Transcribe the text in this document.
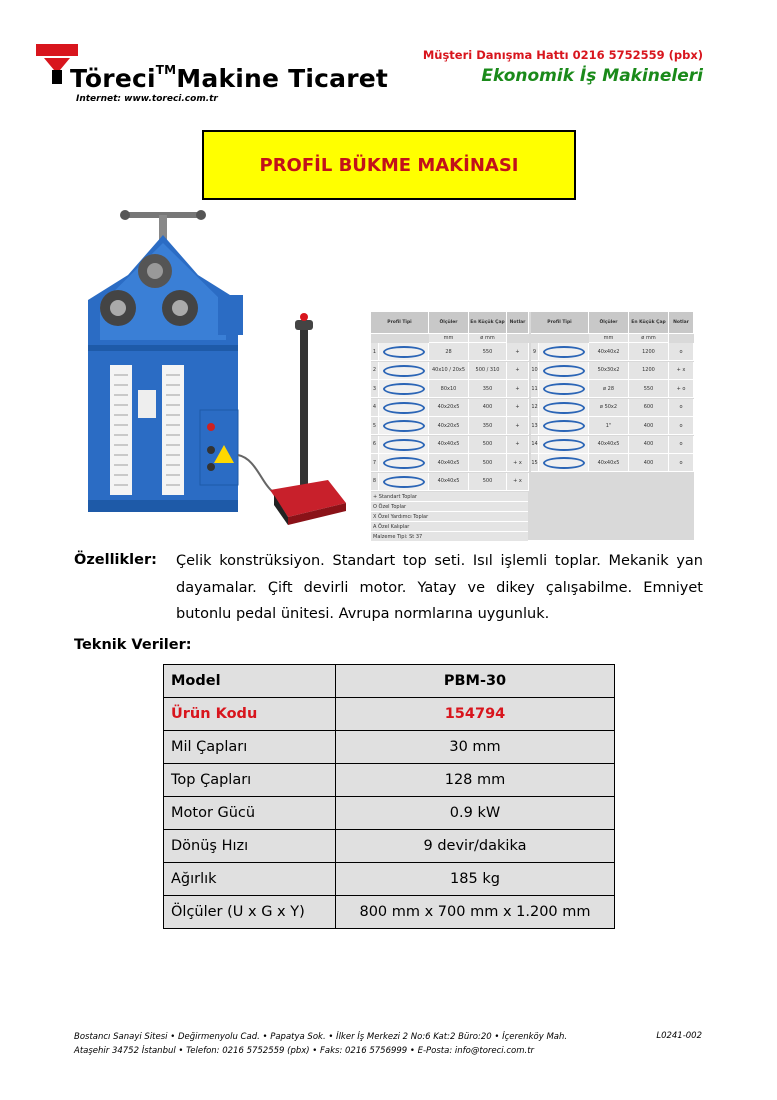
Töreci™Makine Ticaret
Internet: www.toreci.com.tr
Müşteri Danışma Hattı 0216 5752559 (pbx)
Ekonomik İş Makineleri
PROFİL BÜKME MAKİNASI
Profil Tipi	Ölçüler	En Küçük Çap	Notlar	Profil Tipi	Ölçüler	En Küçük Çap	Notlar
mm	ø mm	mm	ø mm
1	28	550	+
2	40x10 / 20x5	500 / 310	+
3	80x10	350	+
4	40x20x5	400	+
5	40x20x5	350	+
6	40x40x5	500	+
7	40x40x5	500	+ x
8	40x40x5	500	+ x
9	40x40x2	1200	o
10	50x30x2	1200	+ x
11	ø 28	550	+ o
12	ø 50x2	600	o
13	1"	400	o
14	40x40x5	400	o
15	40x40x5	400	o
+ Standart Toplar
O Özel Toplar
X Özel Yardımcı Toplar
A Özel Kalıplar
Malzeme Tipi: St 37
Özellikler: Çelik konstrüksiyon. Standart top seti. Isıl işlemli toplar. Mekanik yan dayamalar. Çift devirli motor. Yatay ve dikey çalışabilme. Emniyet butonlu pedal ünitesi. Avrupa normlarına uygunluk.
Teknik Veriler:
Model	PBM-30
Ürün Kodu	154794
Mil Çapları	30 mm
Top Çapları	128 mm
Motor Gücü	0.9 kW
Dönüş Hızı	9 devir/dakika
Ağırlık	185 kg
Ölçüler (U x G x Y)	800 mm x 700 mm x 1.200 mm
Bostancı Sanayi Sitesi • Değirmenyolu Cad. • Papatya Sok. • İlker İş Merkezi 2 No:6 Kat:2 Büro:20 • İçerenköy Mah.
Ataşehir 34752 İstanbul • Telefon: 0216 5752559 (pbx) • Faks: 0216 5756999 • E-Posta: info@toreci.com.tr
L0241-002
